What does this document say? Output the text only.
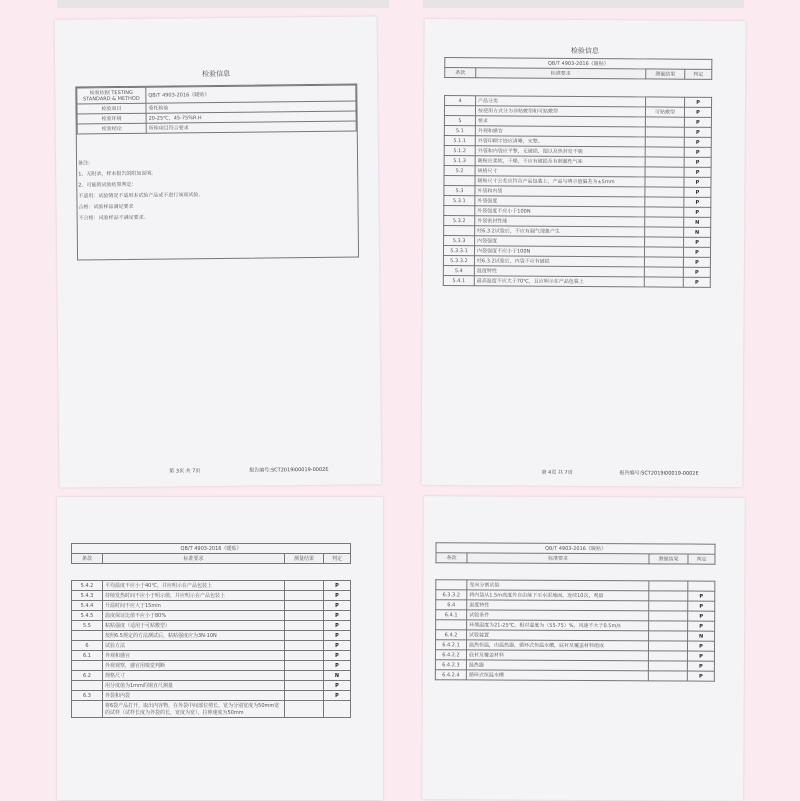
检验信息
检验依据 TESTING STANDARD & METHOD	QB/T 4903-2016《暖贴》
检验项目	委托检验
检验环境	20-25℃，45-75%R.H
检验结论	所检项目符合要求
备注:
1、无附录，样本报告的附加说明。
2、可能的试验结果判定:
不适用：试验情况不适用本试验产品或不进行该项试验。
合格：试验样品满足要求
不合格：试验样品不满足要求。
第 3页 共 7页	报告编号:SCT2019I00019-0002E
检验信息
QB/T 4903-2016《暖贴》
条款	标准要求	测量结果	判定
4	产品分类		P
	按使用方式分为非贴敷型和可贴敷型	可贴敷型	P
5	要求		P
5.1	外观和感官		P
5.1.1	外袋印刷字迹应清晰，完整。		P
5.1.2	外袋和内袋应平整，无破损，图以及热封处不脱		P
5.1.3	暖贴应柔软，干燥，不应有破损及有刺激性气味		P
5.2	规格尺寸		P
	暖贴尺寸公差应符合产品包装上，产品与明示值偏差为±5mm		P
5.3	外袋和内袋		P
5.3.1	外袋强度		P
	外袋强度不应小于100N		P
5.3.2	外袋密封性能		N
	经6.3.2试验后，不应有漏气现象产生		N
5.3.3	内袋强度		P
5.3.3.1	内袋强度不应小于100N		P
5.3.3.2	经6.3.2试验后，内袋不应有破损		P
5.4	温度特性		P
5.4.1	最高温度不应大于70℃，且应明示在产品包装上		P
第 4页 共 7页	报告编号:SCT2019I00019-0002E
QB/T 4903-2016《暖贴》
条款	标准要求	测量结果	判定
5.4.2	平均温度不应小于40℃，并应明示在产品包装上		P
5.4.3	持续发热时间不应小于明示值，并应明示在产品包装上		P
5.4.4	升温时间不应大于15min		P
5.4.5	温度保证比值不应小于80%		P
5.5	粘贴强度（适用于可贴敷型）		P
	按照6.5规定的方法测试后，粘贴强度应为3N-10N		P
6	试验方法		P
6.1	外观和感官		P
	外观观察，感官用嗅觉判断		P
6.2	规格尺寸		N
	用分度值为1mm的钢直尺测量		P
6.3	外袋和内袋		P
	将6袋产品打开，取出内容物，在外袋中间部位剪长，宽为分别宽度为50mm宽的试样（试样长度为外袋的长，宽度为宽），拉伸速度为50mm		
QB/T 4903-2016《暖贴》
条款	标准要求	测量结果	判定
	变向分割试验		
6.3.3.2	将内袋从1.5m高度外自由落下至水泥地面，连续10次，观察		P
6.4	温度特性		P
6.4.1	试验条件		P
	环境温度为21-25℃，相对湿度为（55-75）%，风速不大于0.5m/s		P
6.4.2	试验装置		N
6.4.2.1	温热恒温，由温热器，循环式恒温水槽，底衬及覆盖材料组成		P
6.4.2.2	底衬及覆盖材料		P
6.4.2.3	温热器		P
6.4.2.4	循环式恒温水槽		P
